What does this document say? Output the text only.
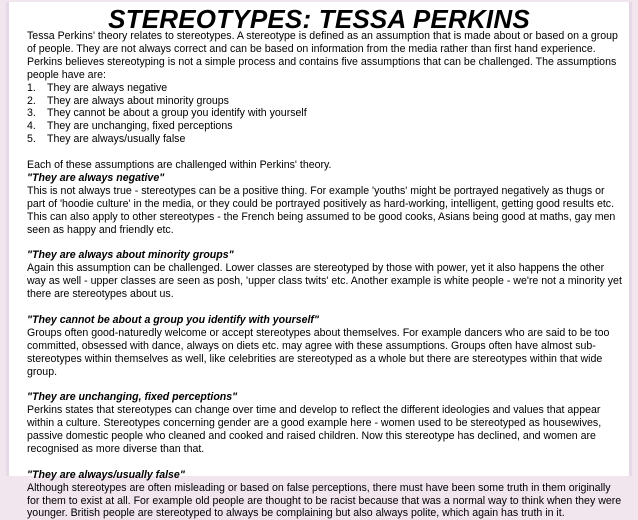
STEREOTYPES: TESSA PERKINS

Tessa Perkins' theory relates to stereotypes. A stereotype is defined as an assumption that is made about or based on a group of people. They are not always correct and can be based on information from the media rather than first hand experience.

Perkins believes stereotyping is not a simple process and contains five assumptions that can be challenged. The assumptions people have are:

1. They are always negative
2. They are always about minority groups
3. They cannot be about a group you identify with yourself
4. They are unchanging, fixed perceptions
5. They are always/usually false

Each of these assumptions are challenged within Perkins' theory.

"They are always negative"

This is not always true - stereotypes can be a positive thing. For example 'youths' might be portrayed negatively as thugs or part of 'hoodie culture' in the media, or they could be portrayed positively as hard-working, intelligent, getting good results etc. This can also apply to other stereotypes - the French being assumed to be good cooks, Asians being good at maths, gay men seen as happy and friendly etc.

"They are always about minority groups"

Again this assumption can be challenged. Lower classes are stereotyped by those with power, yet it also happens the other way as well - upper classes are seen as posh, 'upper class twits' etc. Another example is white people - we're not a minority yet there are stereotypes about us.

"They cannot be about a group you identify with yourself"

Groups often good-naturedly welcome or accept stereotypes about themselves. For example dancers who are said to be too committed, obsessed with dance, always on diets etc. may agree with these assumptions. Groups often have almost sub-stereotypes within themselves as well, like celebrities are stereotyped as a whole but there are stereotypes within that wide group.

"They are unchanging, fixed perceptions"

Perkins states that stereotypes can change over time and develop to reflect the different ideologies and values that appear within a culture. Stereotypes concerning gender are a good example here - women used to be stereotyped as housewives, passive domestic people who cleaned and cooked and raised children. Now this stereotype has declined, and women are recognised as more diverse than that.

"They are always/usually false"

Although stereotypes are often misleading or based on false perceptions, there must have been some truth in them originally for them to exist at all. For example old people are thought to be racist because that was a normal way to think when they were younger. British people are stereotyped to always be complaining but also always polite, which again has truth in it.
